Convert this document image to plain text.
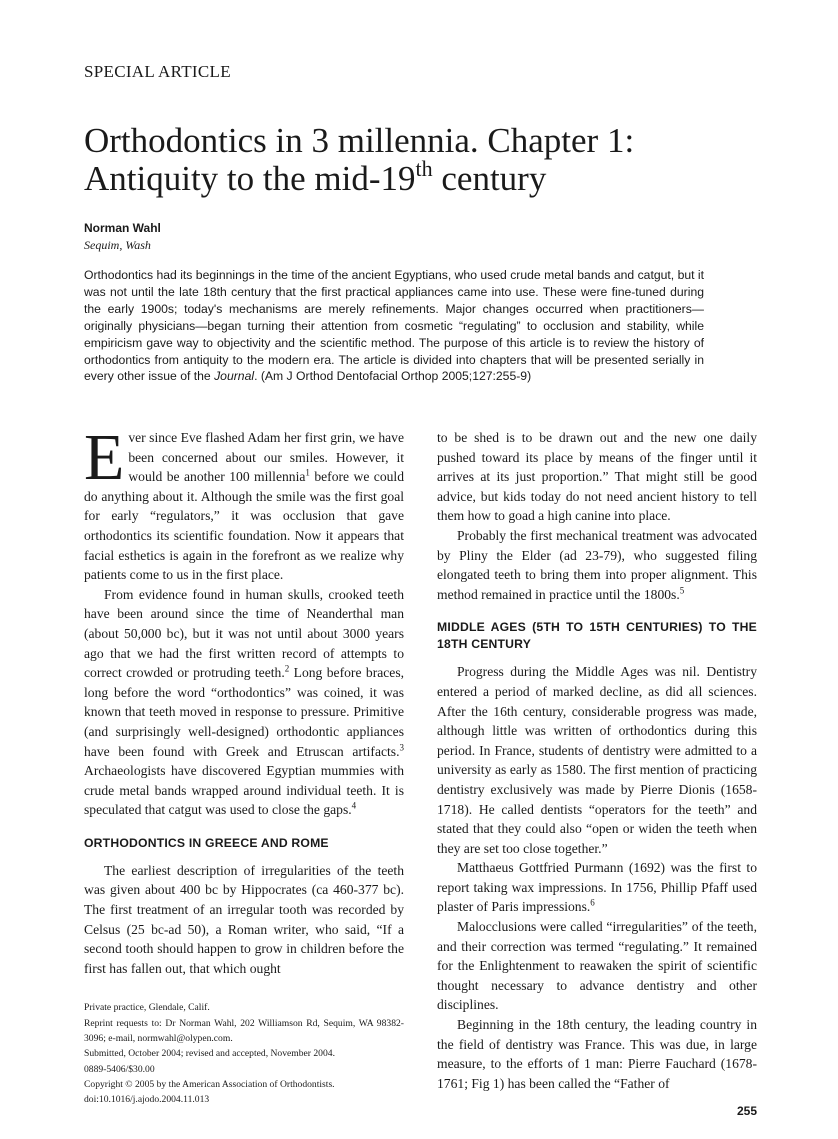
SPECIAL ARTICLE
Orthodontics in 3 millennia. Chapter 1:
Antiquity to the mid-19th century
Norman Wahl
Sequim, Wash
Orthodontics had its beginnings in the time of the ancient Egyptians, who used crude metal bands and catgut, but it was not until the late 18th century that the first practical appliances came into use. These were fine-tuned during the early 1900s; today's mechanisms are merely refinements. Major changes occurred when practitioners—originally physicians—began turning their attention from cosmetic “regulating” to occlusion and stability, while empiricism gave way to objectivity and the scientific method. The purpose of this article is to review the history of orthodontics from antiquity to the modern era. The article is divided into chapters that will be presented serially in every other issue of the Journal. (Am J Orthod Dentofacial Orthop 2005;127:255-9)

Ever since Eve flashed Adam her first grin, we have been concerned about our smiles. However, it would be another 100 millennia$^1$ before we could do anything about it. Although the smile was the first goal for early “regulators,” it was occlusion that gave orthodontics its scientific foundation. Now it appears that facial esthetics is again in the forefront as we realize why patients come to us in the first place.

From evidence found in human skulls, crooked teeth have been around since the time of Neanderthal man (about 50,000 bc), but it was not until about 3000 years ago that we had the first written record of attempts to correct crowded or protruding teeth.$^2$ Long before braces, long before the word “orthodontics” was coined, it was known that teeth moved in response to pressure. Primitive (and surprisingly well-designed) orthodontic appliances have been found with Greek and Etruscan artifacts.$^3$ Archaeologists have discovered Egyptian mummies with crude metal bands wrapped around individual teeth. It is speculated that catgut was used to close the gaps.$^4$

ORTHODONTICS IN GREECE AND ROME

The earliest description of irregularities of the teeth was given about 400 bc by Hippocrates (ca 460-377 bc). The first treatment of an irregular tooth was recorded by Celsus (25 bc-ad 50), a Roman writer, who said, “If a second tooth should happen to grow in children before the first has fallen out, that which ought

Private practice, Glendale, Calif.
Reprint requests to: Dr Norman Wahl, 202 Williamson Rd, Sequim, WA 98382-3096; e-mail, normwahl@olypen.com.
Submitted, October 2004; revised and accepted, November 2004.
0889-5406/$30.00
Copyright © 2005 by the American Association of Orthodontists.
doi:10.1016/j.ajodo.2004.11.013

to be shed is to be drawn out and the new one daily pushed toward its place by means of the finger until it arrives at its just proportion.” That might still be good advice, but kids today do not need ancient history to tell them how to goad a high canine into place.

Probably the first mechanical treatment was advocated by Pliny the Elder (ad 23-79), who suggested filing elongated teeth to bring them into proper alignment. This method remained in practice until the 1800s.$^5$

MIDDLE AGES (5TH TO 15TH CENTURIES) TO THE 18TH CENTURY

Progress during the Middle Ages was nil. Dentistry entered a period of marked decline, as did all sciences. After the 16th century, considerable progress was made, although little was written of orthodontics during this period. In France, students of dentistry were admitted to a university as early as 1580. The first mention of practicing dentistry exclusively was made by Pierre Dionis (1658-1718). He called dentists “operators for the teeth” and stated that they could also “open or widen the teeth when they are set too close together.”

Matthaeus Gottfried Purmann (1692) was the first to report taking wax impressions. In 1756, Phillip Pfaff used plaster of Paris impressions.$^6$

Malocclusions were called “irregularities” of the teeth, and their correction was termed “regulating.” It remained for the Enlightenment to reawaken the spirit of scientific thought necessary to advance dentistry and other disciplines.

Beginning in the 18th century, the leading country in the field of dentistry was France. This was due, in large measure, to the efforts of 1 man: Pierre Fauchard (1678-1761; Fig 1) has been called the “Father of

255
